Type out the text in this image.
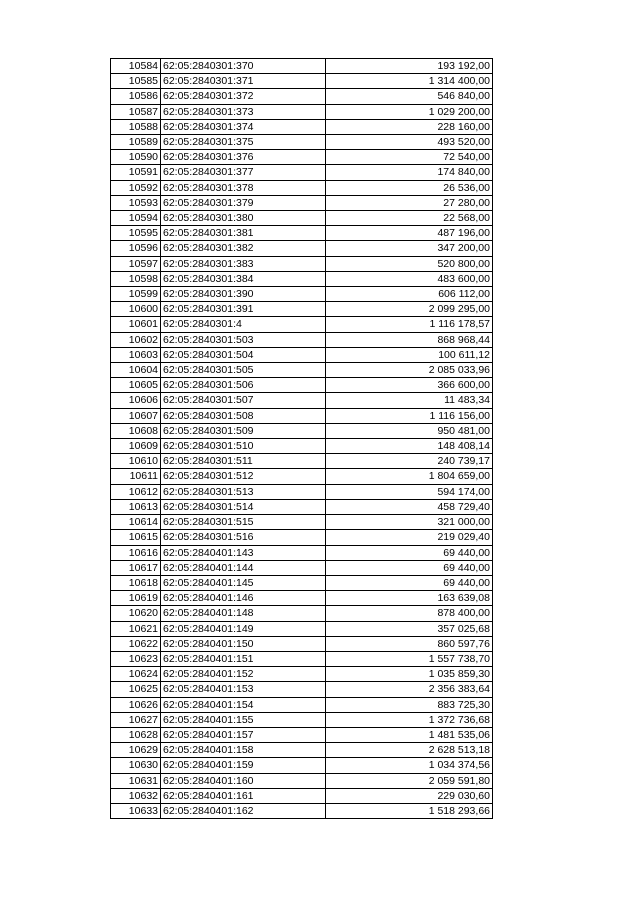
10584	62:05:2840301:370	193 192,00
10585	62:05:2840301:371	1 314 400,00
10586	62:05:2840301:372	546 840,00
10587	62:05:2840301:373	1 029 200,00
10588	62:05:2840301:374	228 160,00
10589	62:05:2840301:375	493 520,00
10590	62:05:2840301:376	72 540,00
10591	62:05:2840301:377	174 840,00
10592	62:05:2840301:378	26 536,00
10593	62:05:2840301:379	27 280,00
10594	62:05:2840301:380	22 568,00
10595	62:05:2840301:381	487 196,00
10596	62:05:2840301:382	347 200,00
10597	62:05:2840301:383	520 800,00
10598	62:05:2840301:384	483 600,00
10599	62:05:2840301:390	606 112,00
10600	62:05:2840301:391	2 099 295,00
10601	62:05:2840301:4	1 116 178,57
10602	62:05:2840301:503	868 968,44
10603	62:05:2840301:504	100 611,12
10604	62:05:2840301:505	2 085 033,96
10605	62:05:2840301:506	366 600,00
10606	62:05:2840301:507	11 483,34
10607	62:05:2840301:508	1 116 156,00
10608	62:05:2840301:509	950 481,00
10609	62:05:2840301:510	148 408,14
10610	62:05:2840301:511	240 739,17
10611	62:05:2840301:512	1 804 659,00
10612	62:05:2840301:513	594 174,00
10613	62:05:2840301:514	458 729,40
10614	62:05:2840301:515	321 000,00
10615	62:05:2840301:516	219 029,40
10616	62:05:2840401:143	69 440,00
10617	62:05:2840401:144	69 440,00
10618	62:05:2840401:145	69 440,00
10619	62:05:2840401:146	163 639,08
10620	62:05:2840401:148	878 400,00
10621	62:05:2840401:149	357 025,68
10622	62:05:2840401:150	860 597,76
10623	62:05:2840401:151	1 557 738,70
10624	62:05:2840401:152	1 035 859,30
10625	62:05:2840401:153	2 356 383,64
10626	62:05:2840401:154	883 725,30
10627	62:05:2840401:155	1 372 736,68
10628	62:05:2840401:157	1 481 535,06
10629	62:05:2840401:158	2 628 513,18
10630	62:05:2840401:159	1 034 374,56
10631	62:05:2840401:160	2 059 591,80
10632	62:05:2840401:161	229 030,60
10633	62:05:2840401:162	1 518 293,66
